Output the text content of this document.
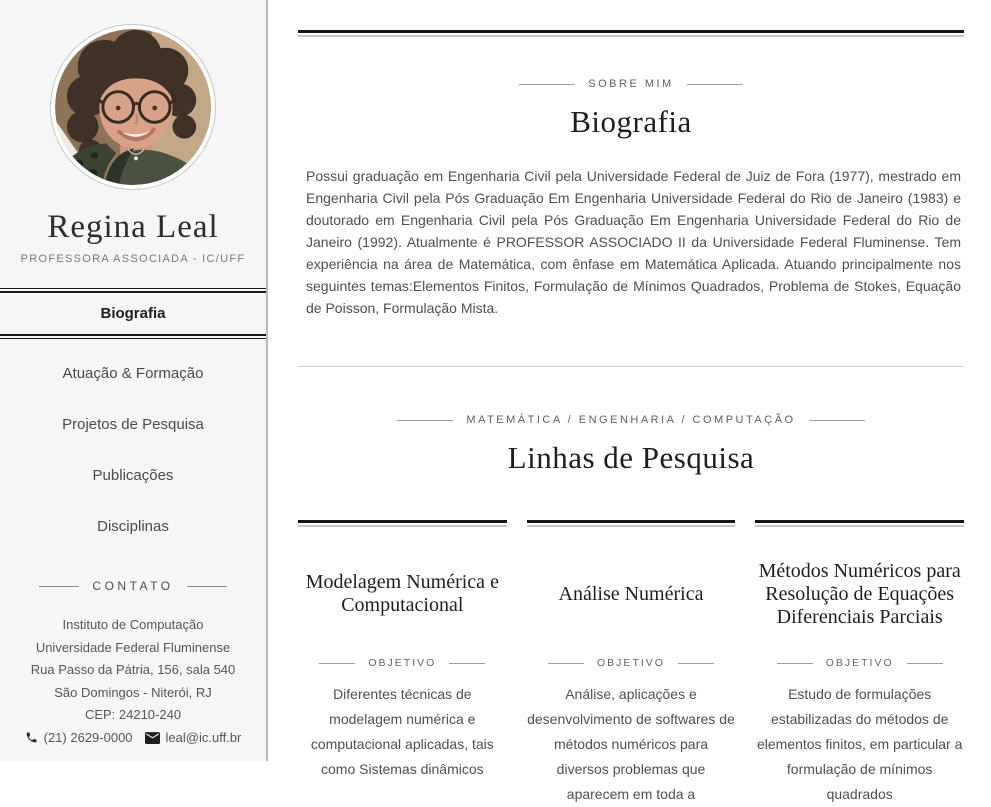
Regina Leal
PROFESSORA ASSOCIADA - IC/UFF
Biografia
Atuação & Formação
Projetos de Pesquisa
Publicações
Disciplinas
CONTATO

Instituto de Computação

Universidade Federal Fluminense

Rua Passo da Pátria, 156, sala 540

São Domingos - Niterói, RJ

CEP: 24210-240

(21) 2629-0000	leal@ic.uff.br
SOBRE MIM
Biografia

Possui graduação em Engenharia Civil pela Universidade Federal de Juiz de Fora (1977), mestrado em Engenharia Civil pela Pós Graduação Em Engenharia Universidade Federal do Rio de Janeiro (1983) e doutorado em Engenharia Civil pela Pós Graduação Em Engenharia Universidade Federal do Rio de Janeiro (1992). Atualmente é PROFESSOR ASSOCIADO II da Universidade Federal Fluminense. Tem experiência na área de Matemática, com ênfase em Matemática Aplicada. Atuando principalmente nos seguintes temas:Elementos Finitos, Formulação de Mínimos Quadrados, Problema de Stokes, Equação de Poisson, Formulação Mista.

MATEMÁTICA / ENGENHARIA / COMPUTAÇÃO
Linhas de Pesquisa
Modelagem Numérica e Computacional
OBJETIVO

Diferentes técnicas de modelagem numérica e computacional aplicadas, tais como Sistemas dinâmicos

Análise Numérica
OBJETIVO

Análise, aplicações e desenvolvimento de softwares de métodos numéricos para diversos problemas que aparecem em toda a

Métodos Numéricos para Resolução de Equações Diferenciais Parciais
OBJETIVO

Estudo de formulações estabilizadas do métodos de elementos finitos, em particular a formulação de mínimos quadrados
